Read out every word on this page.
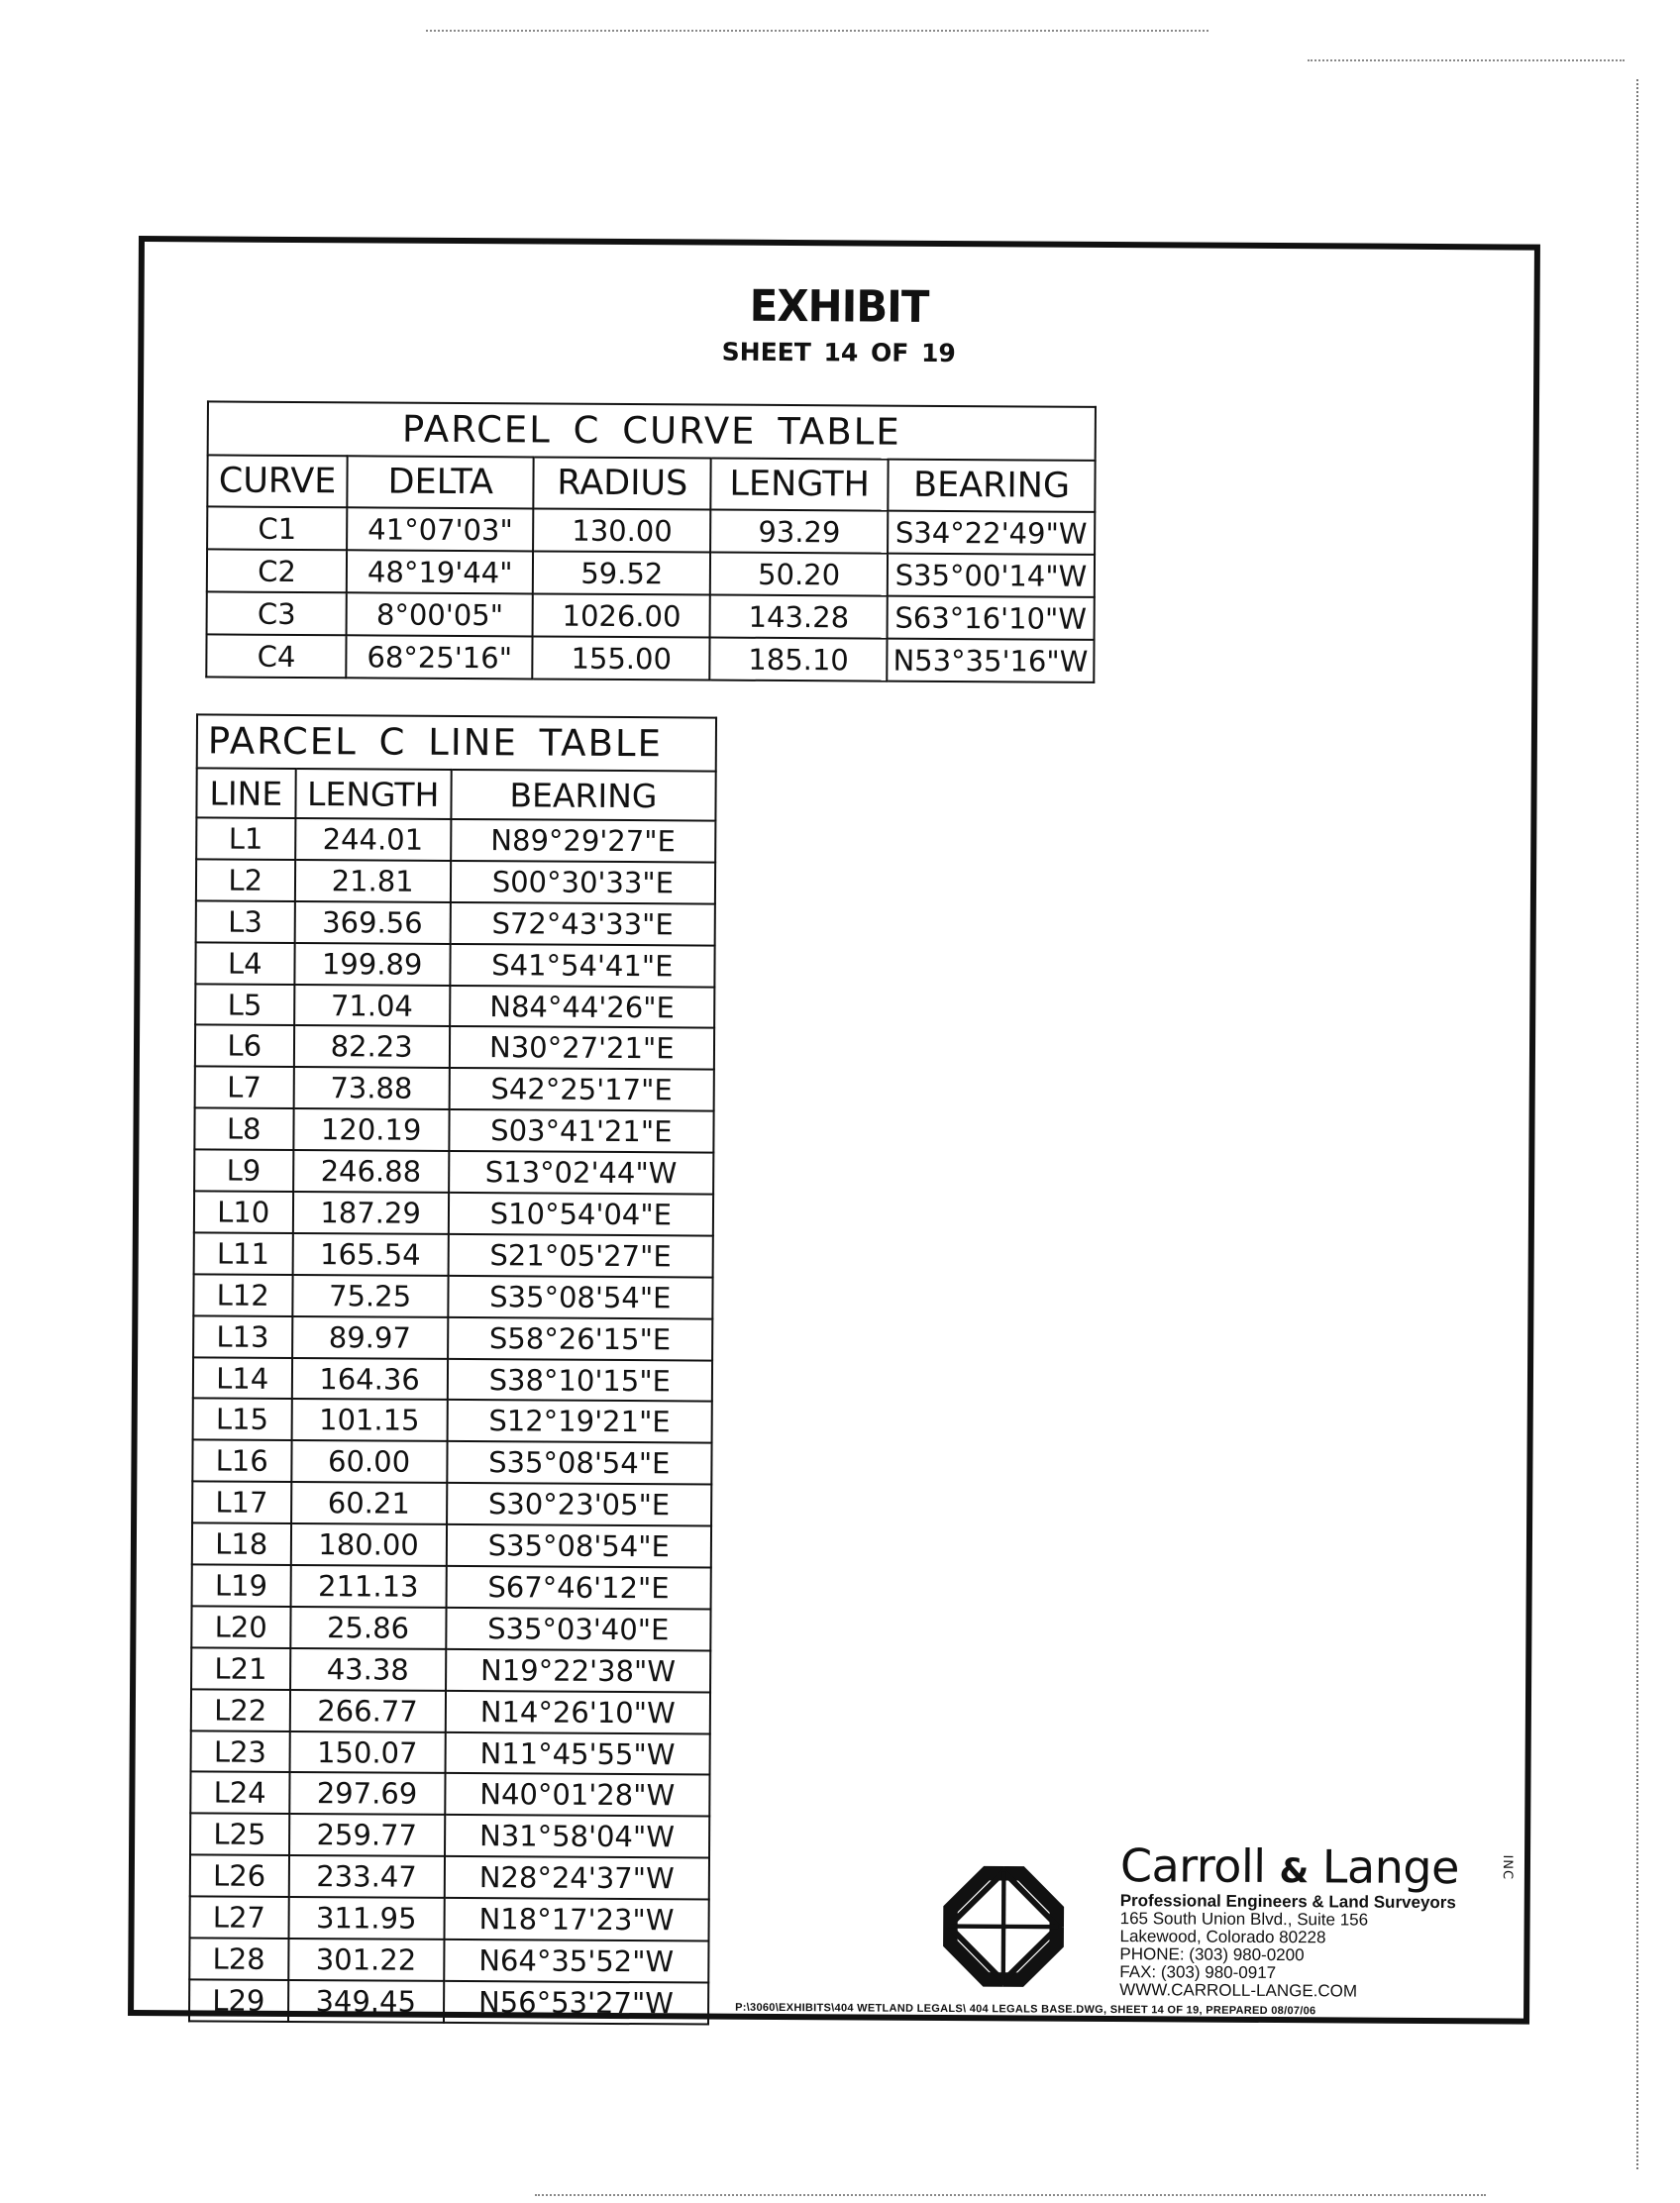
EXHIBIT
SHEET 14 OF 19
PARCEL C CURVE TABLE
CURVE	DELTA	RADIUS	LENGTH	BEARING
C1	41°07'03"	130.00	93.29	S34°22'49"W
C2	48°19'44"	59.52	50.20	S35°00'14"W
C3	8°00'05"	1026.00	143.28	S63°16'10"W
C4	68°25'16"	155.00	185.10	N53°35'16"W
PARCEL C LINE TABLE
LINE	LENGTH	BEARING
L1	244.01	N89°29'27"E
L2	21.81	S00°30'33"E
L3	369.56	S72°43'33"E
L4	199.89	S41°54'41"E
L5	71.04	N84°44'26"E
L6	82.23	N30°27'21"E
L7	73.88	S42°25'17"E
L8	120.19	S03°41'21"E
L9	246.88	S13°02'44"W
L10	187.29	S10°54'04"E
L11	165.54	S21°05'27"E
L12	75.25	S35°08'54"E
L13	89.97	S58°26'15"E
L14	164.36	S38°10'15"E
L15	101.15	S12°19'21"E
L16	60.00	S35°08'54"E
L17	60.21	S30°23'05"E
L18	180.00	S35°08'54"E
L19	211.13	S67°46'12"E
L20	25.86	S35°03'40"E
L21	43.38	N19°22'38"W
L22	266.77	N14°26'10"W
L23	150.07	N11°45'55"W
L24	297.69	N40°01'28"W
L25	259.77	N31°58'04"W
L26	233.47	N28°24'37"W
L27	311.95	N18°17'23"W
L28	301.22	N64°35'52"W
L29	349.45	N56°53'27"W
Carroll & Lange	INC
Professional Engineers & Land Surveyors
165 South Union Blvd., Suite 156
Lakewood, Colorado 80228
PHONE: (303) 980-0200
FAX: (303) 980-0917
WWW.CARROLL-LANGE.COM
P:\3060\EXHIBITS\404 WETLAND LEGALS\ 404 LEGALS BASE.DWG, SHEET 14 OF 19, PREPARED 08/07/06
